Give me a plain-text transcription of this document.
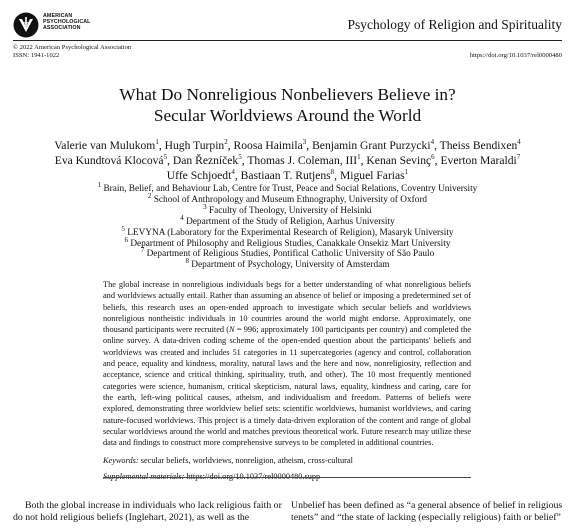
AMERICAN
PSYCHOLOGICAL
ASSOCIATION	Psychology of Religion and Spirituality
© 2022 American Psychological Association
ISSN: 1941-1022	https://doi.org/10.1037/rel0000480
What Do Nonreligious Nonbelievers Believe in?
Secular Worldviews Around the World
Valerie van Mulukom$^1$, Hugh Turpin$^2$, Roosa Haimila$^3$, Benjamin Grant Purzycki$^4$, Theiss Bendixen$^4$
Eva Kundtová Klocová$^5$, Dan Řezníček$^5$, Thomas J. Coleman, III$^1$, Kenan Sevinç$^6$, Everton Maraldi$^7$
Uffe Schjoedt$^4$, Bastiaan T. Rutjens$^8$, Miguel Farias$^1$
$^1$ Brain, Belief, and Behaviour Lab, Centre for Trust, Peace and Social Relations, Coventry University
$^2$ School of Anthropology and Museum Ethnography, University of Oxford
$^3$ Faculty of Theology, University of Helsinki
$^4$ Department of the Study of Religion, Aarhus University
$^5$ LEVYNA (Laboratory for the Experimental Research of Religion), Masaryk University
$^6$ Department of Philosophy and Religious Studies, Canakkale Onsekiz Mart University
$^7$ Department of Religious Studies, Pontifical Catholic University of São Paulo
$^8$ Department of Psychology, University of Amsterdam

The global increase in nonreligious individuals begs for a better understanding of what nonreligious beliefs and worldviews actually entail. Rather than assuming an absence of belief or imposing a predetermined set of beliefs, this research uses an open-ended approach to investigate which secular beliefs and worldviews nonreligious nontheistic individuals in 10 countries around the world might endorse. Approximately, one thousand participants were recruited (N = 996; approximately 100 participants per country) and completed the online survey. A data-driven coding scheme of the open-ended question about the participants' beliefs and worldviews was created and includes 51 categories in 11 supercategories (agency and control, collaboration and peace, equality and kindness, morality, natural laws and the here and now, nonreligiosity, reflection and acceptance, science and critical thinking, spirituality, truth, and other). The 10 most frequently mentioned categories were science, humanism, critical skepticism, natural laws, equality, kindness and caring, care for the earth, left-wing political causes, atheism, and individualism and freedom. Patterns of beliefs were explored, demonstrating three worldview belief sets: scientific worldviews, humanist worldviews, and caring nature-focused worldviews. This project is a timely data-driven exploration of the content and range of global secular worldviews around the world and matches previous theoretical work. Future research may utilize these data and findings to construct more comprehensive surveys to be completed in additional countries.

Keywords: secular beliefs, worldviews, nonreligion, atheism, cross-cultural

Supplemental materials: https://doi.org/10.1037/rel0000480.supp

Both the global increase in individuals who lack religious faith or
do not hold religious beliefs (Inglehart, 2021), as well as the
Unbelief has been defined as “a general absence of belief in religious
tenets” and “the state of lacking (especially religious) faith or belief”
